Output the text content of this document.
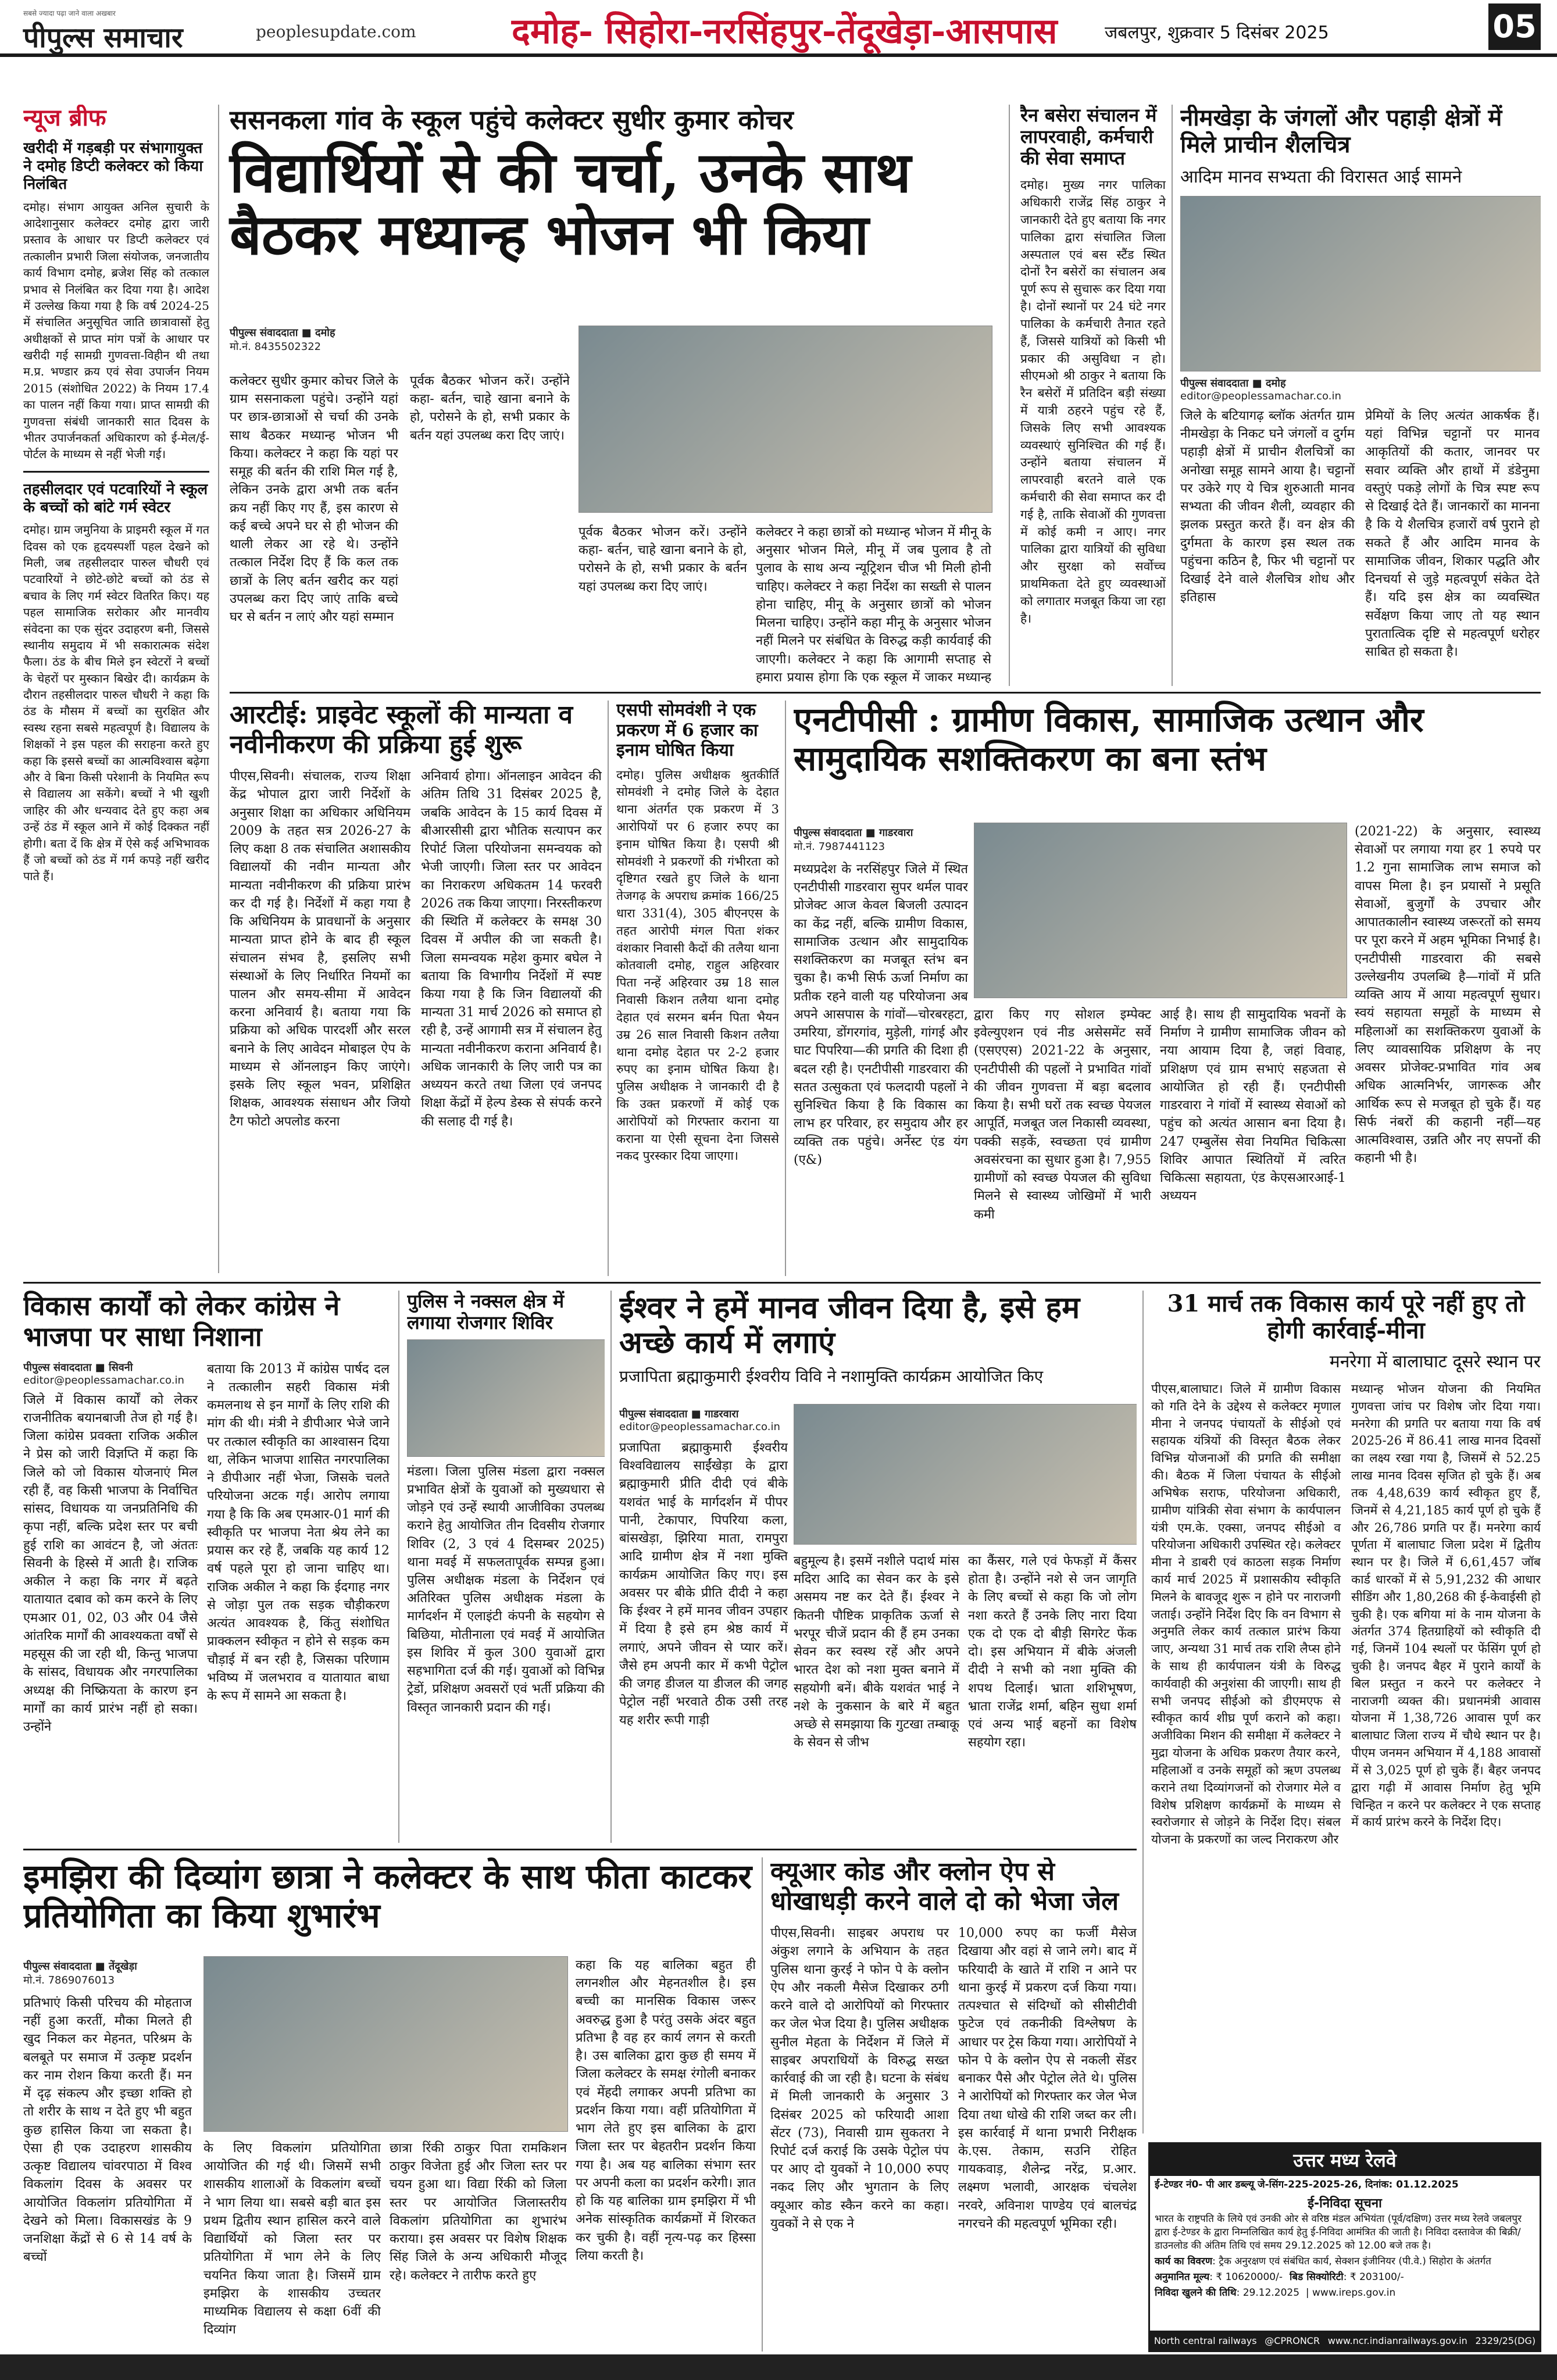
सबसे ज्यादा पढ़ा जाने वाला अखबार
पीपुल्स समाचार	peoplesupdate.com	दमोह- सिहोरा-नरसिंहपुर-तेंदूखेड़ा-आसपास	जबलपुर, शुक्रवार 5 दिसंबर 2025	05
न्यूज ब्रीफ
खरीदी में गड़बड़ी पर संभागायुक्त ने दमोह डिप्टी कलेक्टर को किया निलंबित
दमोह। संभाग आयुक्त अनिल सुचारी के आदेशानुसार कलेक्टर दमोह द्वारा जारी प्रस्ताव के आधार पर डिप्टी कलेक्टर एवं तत्कालीन प्रभारी जिला संयोजक, जनजातीय कार्य विभाग दमोह, ब्रजेश सिंह को तत्काल प्रभाव से निलंबित कर दिया गया है। आदेश में उल्लेख किया गया है कि वर्ष 2024-25 में संचालित अनुसूचित जाति छात्रावासों हेतु अधीक्षकों से प्राप्त मांग पत्रों के आधार पर खरीदी गई सामग्री गुणवत्ता-विहीन थी तथा म.प्र. भण्डार क्रय एवं सेवा उपार्जन नियम 2015 (संशोधित 2022) के नियम 17.4 का पालन नहीं किया गया। प्राप्त सामग्री की गुणवत्ता संबंधी जानकारी सात दिवस के भीतर उपार्जनकर्ता अधिकारण को ई-मेल/ई-पोर्टल के माध्यम से नहीं भेजी गई।
तहसीलदार एवं पटवारियों ने स्कूल के बच्चों को बांटे गर्म स्वेटर
दमोह। ग्राम जमुनिया के प्राइमरी स्कूल में गत दिवस को एक हृदयस्पर्शी पहल देखने को मिली, जब तहसीलदार पारुल चौधरी एवं पटवारियों ने छोटे-छोटे बच्चों को ठंड से बचाव के लिए गर्म स्वेटर वितरित किए। यह पहल सामाजिक सरोकार और मानवीय संवेदना का एक सुंदर उदाहरण बनी, जिससे स्थानीय समुदाय में भी सकारात्मक संदेश फैला। ठंड के बीच मिले इन स्वेटरों ने बच्चों के चेहरों पर मुस्कान बिखेर दी। कार्यक्रम के दौरान तहसीलदार पारुल चौधरी ने कहा कि ठंड के मौसम में बच्चों का सुरक्षित और स्वस्थ रहना सबसे महत्वपूर्ण है। विद्यालय के शिक्षकों ने इस पहल की सराहना करते हुए कहा कि इससे बच्चों का आत्मविश्वास बढ़ेगा और वे बिना किसी परेशानी के नियमित रूप से विद्यालय आ सकेंगे। बच्चों ने भी खुशी जाहिर की और धन्यवाद देते हुए कहा अब उन्हें ठंड में स्कूल आने में कोई दिक्कत नहीं होगी। बता दें कि क्षेत्र में ऐसे कई अभिभावक हैं जो बच्चों को ठंड में गर्म कपड़े नहीं खरीद पाते हैं।
ससनकला गांव के स्कूल पहुंचे कलेक्टर सुधीर कुमार कोचर
विद्यार्थियों से की चर्चा, उनके साथ बैठकर मध्यान्ह भोजन भी किया
पीपुल्स संवाददाता ■ दमोह
मो.नं. 8435502322
कलेक्टर सुधीर कुमार कोचर जिले के ग्राम ससनाकला पहुंचे। उन्होंने यहां पर छात्र-छात्राओं से चर्चा की उनके साथ बैठकर मध्यान्ह भोजन भी किया। कलेक्टर ने कहा कि यहां पर समूह की बर्तन की राशि मिल गई है, लेकिन उनके द्वारा अभी तक बर्तन क्रय नहीं किए गए हैं, इस कारण से कई बच्चे अपने घर से ही भोजन की थाली लेकर आ रहे थे। उन्होंने तत्काल निर्देश दिए हैं कि कल तक छात्रों के लिए बर्तन खरीद कर यहां उपलब्ध करा दिए जाएं ताकि बच्चे घर से बर्तन न लाएं और यहां सम्मान
पूर्वक बैठकर भोजन करें। उन्होंने कहा- बर्तन, चाहे खाना बनाने के हो, परोसने के हो, सभी प्रकार के बर्तन यहां उपलब्ध करा दिए जाएं।
पूर्वक बैठकर भोजन करें। उन्होंने कहा- बर्तन, चाहे खाना बनाने के हो, परोसने के हो, सभी प्रकार के बर्तन यहां उपलब्ध करा दिए जाएं।
कलेक्टर ने कहा छात्रों को मध्यान्ह भोजन में मीनू के अनुसार भोजन मिले, मीनू में जब पुलाव है तो पुलाव के साथ अन्य न्यूट्रिशन चीज भी मिली होनी चाहिए। कलेक्टर ने कहा निर्देश का सख्ती से पालन होना चाहिए, मीनू के अनुसार छात्रों को भोजन मिलना चाहिए। उन्होंने कहा मीनू के अनुसार भोजन नहीं मिलने पर संबंधित के विरुद्ध कड़ी कार्यवाई की जाएगी। कलेक्टर ने कहा कि आगामी सप्ताह से हमारा प्रयास होगा कि एक स्कूल में जाकर मध्यान्ह
रैन बसेरा संचालन में लापरवाही, कर्मचारी की सेवा समाप्त
दमोह। मुख्य नगर पालिका अधिकारी राजेंद्र सिंह ठाकुर ने जानकारी देते हुए बताया कि नगर पालिका द्वारा संचालित जिला अस्पताल एवं बस स्टैंड स्थित दोनों रैन बसेरों का संचालन अब पूर्ण रूप से सुचारू कर दिया गया है। दोनों स्थानों पर 24 घंटे नगर पालिका के कर्मचारी तैनात रहते हैं, जिससे यात्रियों को किसी भी प्रकार की असुविधा न हो। सीएमओ श्री ठाकुर ने बताया कि रैन बसेरों में प्रतिदिन बड़ी संख्या में यात्री ठहरने पहुंच रहे हैं, जिसके लिए सभी आवश्यक व्यवस्थाएं सुनिश्चित की गई हैं। उन्होंने बताया संचालन में लापरवाही बरतने वाले एक कर्मचारी की सेवा समाप्त कर दी गई है, ताकि सेवाओं की गुणवत्ता में कोई कमी न आए। नगर पालिका द्वारा यात्रियों की सुविधा और सुरक्षा को सर्वोच्च प्राथमिकता देते हुए व्यवस्थाओं को लगातार मजबूत किया जा रहा है।
नीमखेड़ा के जंगलों और पहाड़ी क्षेत्रों में मिले प्राचीन शैलचित्र
आदिम मानव सभ्यता की विरासत आई सामने
पीपुल्स संवाददाता ■ दमोह
editor@peoplessamachar.co.in
जिले के बटियागढ़ ब्लॉक अंतर्गत ग्राम नीमखेड़ा के निकट घने जंगलों व दुर्गम पहाड़ी क्षेत्रों में प्राचीन शैलचित्रों का अनोखा समूह सामने आया है। चट्टानों पर उकेरे गए ये चित्र शुरुआती मानव सभ्यता की जीवन शैली, व्यवहार की झलक प्रस्तुत करते हैं। वन क्षेत्र की दुर्गमता के कारण इस स्थल तक पहुंचना कठिन है, फिर भी चट्टानों पर दिखाई देने वाले शैलचित्र शोध और इतिहास
प्रेमियों के लिए अत्यंत आकर्षक हैं। यहां विभिन्न चट्टानों पर मानव आकृतियों की कतार, जानवर पर सवार व्यक्ति और हाथों में डंडेनुमा वस्तुएं पकड़े लोगों के चित्र स्पष्ट रूप से दिखाई देते हैं। जानकारों का मानना है कि ये शैलचित्र हजारों वर्ष पुराने हो सकते हैं और आदिम मानव के सामाजिक जीवन, शिकार पद्धति और दिनचर्या से जुड़े महत्वपूर्ण संकेत देते हैं। यदि इस क्षेत्र का व्यवस्थित सर्वेक्षण किया जाए तो यह स्थान पुरातात्विक दृष्टि से महत्वपूर्ण धरोहर साबित हो सकता है।
आरटीई: प्राइवेट स्कूलों की मान्यता व नवीनीकरण की प्रक्रिया हुई शुरू
पीएस,सिवनी। संचालक, राज्य शिक्षा केंद्र भोपाल द्वारा जारी निर्देशों के अनुसार शिक्षा का अधिकार अधिनियम 2009 के तहत सत्र 2026-27 के लिए कक्षा 8 तक संचालित अशासकीय विद्यालयों की नवीन मान्यता और मान्यता नवीनीकरण की प्रक्रिया प्रारंभ कर दी गई है। निर्देशों में कहा गया है कि अधिनियम के प्रावधानों के अनुसार मान्यता प्राप्त होने के बाद ही स्कूल संचालन संभव है, इसलिए सभी संस्थाओं के लिए निर्धारित नियमों का पालन और समय-सीमा में आवेदन करना अनिवार्य है। बताया गया कि प्रक्रिया को अधिक पारदर्शी और सरल बनाने के लिए आवेदन मोबाइल ऐप के माध्यम से ऑनलाइन किए जाएंगे। इसके लिए स्कूल भवन, प्रशिक्षित शिक्षक, आवश्यक संसाधन और जियो टैग फोटो अपलोड करना
अनिवार्य होगा। ऑनलाइन आवेदन की अंतिम तिथि 31 दिसंबर 2025 है, जबकि आवेदन के 15 कार्य दिवस में बीआरसीसी द्वारा भौतिक सत्यापन कर रिपोर्ट जिला परियोजना समन्वयक को भेजी जाएगी। जिला स्तर पर आवेदन का निराकरण अधिकतम 14 फरवरी 2026 तक किया जाएगा। निरस्तीकरण की स्थिति में कलेक्टर के समक्ष 30 दिवस में अपील की जा सकती है। जिला समन्वयक महेश कुमार बघेल ने बताया कि विभागीय निर्देशों में स्पष्ट किया गया है कि जिन विद्यालयों की मान्यता 31 मार्च 2026 को समाप्त हो रही है, उन्हें आगामी सत्र में संचालन हेतु मान्यता नवीनीकरण कराना अनिवार्य है। अधिक जानकारी के लिए जारी पत्र का अध्ययन करते तथा जिला एवं जनपद शिक्षा केंद्रों में हेल्प डेस्क से संपर्क करने की सलाह दी गई है।
एसपी सोमवंशी ने एक प्रकरण में 6 हजार का इनाम घोषित किया
दमोह। पुलिस अधीक्षक श्रुतकीर्ति सोमवंशी ने दमोह जिले के देहात थाना अंतर्गत एक प्रकरण में 3 आरोपियों पर 6 हजार रुपए का इनाम घोषित किया है। एसपी श्री सोमवंशी ने प्रकरणों की गंभीरता को दृष्टिगत रखते हुए जिले के थाना तेजगढ़ के अपराध क्रमांक 166/25 धारा 331(4), 305 बीएनएस के तहत आरोपी मंगल पिता शंकर वंशकार निवासी कैदों की तलैया थाना कोतवाली दमोह, राहुल अहिरवार पिता नन्हें अहिरवार उम्र 18 साल निवासी किशन तलैया थाना दमोह देहात एवं सरमन बर्मन पिता भैयन उम्र 26 साल निवासी किशन तलैया थाना दमोह देहात पर 2-2 हजार रुपए का इनाम घोषित किया है। पुलिस अधीक्षक ने जानकारी दी है कि उक्त प्रकरणों में कोई एक आरोपियों को गिरफ्तार कराना या कराना या ऐसी सूचना देना जिससे नकद पुरस्कार दिया जाएगा।
एनटीपीसी : ग्रामीण विकास, सामाजिक उत्थान और सामुदायिक सशक्तिकरण का बना स्तंभ
पीपुल्स संवाददाता ■ गाडरवारा
मो.नं. 7987441123
मध्यप्रदेश के नरसिंहपुर जिले में स्थित एनटीपीसी गाडरवारा सुपर थर्मल पावर प्रोजेक्ट आज केवल बिजली उत्पादन का केंद्र नहीं, बल्कि ग्रामीण विकास, सामाजिक उत्थान और सामुदायिक सशक्तिकरण का मजबूत स्तंभ बन चुका है। कभी सिर्फ ऊर्जा निर्माण का प्रतीक रहने वाली यह परियोजना अब अपने आसपास के गांवों—चोरबरहटा, उमरिया, डोंगरगांव, मुड़ेली, गांगई और घाट पिपरिया—की प्रगति की दिशा ही बदल रही है। एनटीपीसी गाडरवारा की सतत उत्सुकता एवं फलदायी पहलों ने सुनिश्चित किया है कि विकास का लाभ हर परिवार, हर समुदाय और हर व्यक्ति तक पहुंचे। अर्नेस्ट एंड यंग (ए&)
द्वारा किए गए सोशल इम्पेक्ट इवेल्युएशन एवं नीड असेसमेंट सर्वे (एसएएस) 2021-22 के अनुसार, एनटीपीसी की पहलों ने प्रभावित गांवों की जीवन गुणवत्ता में बड़ा बदलाव किया है। सभी घरों तक स्वच्छ पेयजल आपूर्ति, मजबूत जल निकासी व्यवस्था, पक्की सड़कें, स्वच्छता एवं ग्रामीण अवसंरचना का सुधार हुआ है। 7,955 ग्रामीणों को स्वच्छ पेयजल की सुविधा मिलने से स्वास्थ्य जोखिमों में भारी कमी
आई है। साथ ही सामुदायिक भवनों के निर्माण ने ग्रामीण सामाजिक जीवन को नया आयाम दिया है, जहां विवाह, प्रशिक्षण एवं ग्राम सभाएं सहजता से आयोजित हो रही हैं। एनटीपीसी गाडरवारा ने गांवों में स्वास्थ्य सेवाओं को पहुंच को अत्यंत आसान बना दिया है। 247 एम्बुलेंस सेवा नियमित चिकित्सा शिविर आपात स्थितियों में त्वरित चिकित्सा सहायता, एंड केएसआरआई-1 अध्ययन
(2021-22) के अनुसार, स्वास्थ्य सेवाओं पर लगाया गया हर 1 रुपये पर 1.2 गुना सामाजिक लाभ समाज को वापस मिला है। इन प्रयासों ने प्रसूति सेवाओं, बुजुर्गों के उपचार और आपातकालीन स्वास्थ्य जरूरतों को समय पर पूरा करने में अहम भूमिका निभाई है। एनटीपीसी गाडरवारा की सबसे उल्लेखनीय उपलब्धि है—गांवों में प्रति व्यक्ति आय में आया महत्वपूर्ण सुधार। स्वयं सहायता समूहों के माध्यम से महिलाओं का सशक्तिकरण युवाओं के लिए व्यावसायिक प्रशिक्षण के नए अवसर प्रोजेक्ट-प्रभावित गांव अब अधिक आत्मनिर्भर, जागरूक और आर्थिक रूप से मजबूत हो चुके हैं। यह सिर्फ नंबरों की कहानी नहीं—यह आत्मविश्वास, उन्नति और नए सपनों की कहानी भी है।
विकास कार्यों को लेकर कांग्रेस ने भाजपा पर साधा निशाना
पीपुल्स संवाददाता ■ सिवनी
editor@peoplessamachar.co.in
जिले में विकास कार्यों को लेकर राजनीतिक बयानबाजी तेज हो गई है। जिला कांग्रेस प्रवक्ता राजिक अकील ने प्रेस को जारी विज्ञप्ति में कहा कि जिले को जो विकास योजनाएं मिल रही हैं, वह किसी भाजपा के निर्वाचित सांसद, विधायक या जनप्रतिनिधि की कृपा नहीं, बल्कि प्रदेश स्तर पर बची हुई राशि का आवंटन है, जो अंततः सिवनी के हिस्से में आती है। राजिक अकील ने कहा कि नगर में बढ़ते यातायात दबाव को कम करने के लिए एमआर 01, 02, 03 और 04 जैसे आंतरिक मार्गों की आवश्यकता वर्षों से महसूस की जा रही थी, किन्तु भाजपा के सांसद, विधायक और नगरपालिका अध्यक्ष की निष्क्रियता के कारण इन मार्गों का कार्य प्रारंभ नहीं हो सका। उन्होंने
बताया कि 2013 में कांग्रेस पार्षद दल ने तत्कालीन सहरी विकास मंत्री कमलनाथ से इन मार्गों के लिए राशि की मांग की थी। मंत्री ने डीपीआर भेजे जाने पर तत्काल स्वीकृति का आश्वासन दिया था, लेकिन भाजपा शासित नगरपालिका ने डीपीआर नहीं भेजा, जिसके चलते परियोजना अटक गई। आरोप लगाया गया है कि कि अब एमआर-01 मार्ग की स्वीकृति पर भाजपा नेता श्रेय लेने का प्रयास कर रहे हैं, जबकि यह कार्य 12 वर्ष पहले पूरा हो जाना चाहिए था। राजिक अकील ने कहा कि ईदगाह नगर से जोड़ा पुल तक सड़क चौड़ीकरण अत्यंत आवश्यक है, किंतु संशोधित प्राक्कलन स्वीकृत न होने से सड़क कम चौड़ाई में बन रही है, जिसका परिणाम भविष्य में जलभराव व यातायात बाधा के रूप में सामने आ सकता है।
पुलिस ने नक्सल क्षेत्र में लगाया रोजगार शिविर
मंडला। जिला पुलिस मंडला द्वारा नक्सल प्रभावित क्षेत्रों के युवाओं को मुख्यधारा से जोड़ने एवं उन्हें स्थायी आजीविका उपलब्ध कराने हेतु आयोजित तीन दिवसीय रोजगार शिविर (2, 3 एवं 4 दिसम्बर 2025) थाना मवई में सफलतापूर्वक सम्पन्न हुआ। पुलिस अधीक्षक मंडला के निर्देशन एवं अतिरिक्त पुलिस अधीक्षक मंडला के मार्गदर्शन में एलाइंटी कंपनी के सहयोग से बिछिया, मोतीनाला एवं मवई में आयोजित इस शिविर में कुल 300 युवाओं द्वारा सहभागिता दर्ज की गई। युवाओं को विभिन्न ट्रेडों, प्रशिक्षण अवसरों एवं भर्ती प्रक्रिया की विस्तृत जानकारी प्रदान की गई।
ईश्वर ने हमें मानव जीवन दिया है, इसे हम अच्छे कार्य में लगाएं
प्रजापिता ब्रह्माकुमारी ईश्वरीय विवि ने नशामुक्ति कार्यक्रम आयोजित किए
पीपुल्स संवाददाता ■ गाडरवारा
editor@peoplessamachar.co.in
प्रजापिता ब्रह्माकुमारी ईश्वरीय विश्वविद्यालय साईंखेड़ा के द्वारा ब्रह्माकुमारी प्रीति दीदी एवं बीके यशवंत भाई के मार्गदर्शन में पीपर पानी, टेकापार, पिपरिया कला, बांसखेड़ा, झिरिया माता, रामपुरा आदि ग्रामीण क्षेत्र में नशा मुक्ति कार्यक्रम आयोजित किए गए। इस अवसर पर बीके प्रीति दीदी ने कहा कि ईश्वर ने हमें मानव जीवन उपहार में दिया है इसे हम श्रेष्ठ कार्य में लगाएं, अपने जीवन से प्यार करें। जैसे हम अपनी कार में कभी पेट्रोल की जगह डीजल या डीजल की जगह पेट्रोल नहीं भरवाते ठीक उसी तरह यह शरीर रूपी गाड़ी
बहुमूल्य है। इसमें नशीले पदार्थ मांस मदिरा आदि का सेवन कर के इसे असमय नष्ट कर देते हैं। ईश्वर ने कितनी पौष्टिक प्राकृतिक ऊर्जा से भरपूर चीजें प्रदान की हैं हम उनका सेवन कर स्वस्थ रहें और अपने भारत देश को नशा मुक्त बनाने में सहयोगी बनें। बीके यशवंत भाई ने नशे के नुकसान के बारे में बहुत अच्छे से समझाया कि गुटखा तम्बाकू के सेवन से जीभ
का कैंसर, गले एवं फेफड़ों में कैंसर होता है। उन्होंने नशे से जन जागृति के लिए बच्चों से कहा कि जो लोग नशा करते हैं उनके लिए नारा दिया एक दो एक दो बीड़ी सिगरेट फेंक दो। इस अभियान में बीके अंजली दीदी ने सभी को नशा मुक्ति की शपथ दिलाई। भ्राता शशिभूषण, भ्राता राजेंद्र शर्मा, बहिन सुधा शर्मा एवं अन्य भाई बहनों का विशेष सहयोग रहा।
31 मार्च तक विकास कार्य पूरे नहीं हुए तो होगी कार्रवाई-मीना
मनरेगा में बालाघाट दूसरे स्थान पर
पीएस,बालाघाट। जिले में ग्रामीण विकास को गति देने के उद्देश्य से कलेक्टर मृणाल मीना ने जनपद पंचायतों के सीईओ एवं सहायक यंत्रियों की विस्तृत बैठक लेकर विभिन्न योजनाओं की प्रगति की समीक्षा की। बैठक में जिला पंचायत के सीईओ अभिषेक सराफ, परियोजना अधिकारी, ग्रामीण यांत्रिकी सेवा संभाग के कार्यपालन यंत्री एम.के. एक्सा, जनपद सीईओ व परियोजना अधिकारी उपस्थित रहे। कलेक्टर मीना ने डाबरी एवं काठला सड़क निर्माण कार्य मार्च 2025 में प्रशासकीय स्वीकृति मिलने के बावजूद शुरू न होने पर नाराजगी जताई। उन्होंने निर्देश दिए कि वन विभाग से अनुमति लेकर कार्य तत्काल प्रारंभ किया जाए, अन्यथा 31 मार्च तक राशि लैप्स होने के साथ ही कार्यपालन यंत्री के विरुद्ध कार्यवाही की अनुशंसा की जाएगी। साथ ही सभी जनपद सीईओ को डीएमएफ से स्वीकृत कार्य शीघ्र पूर्ण कराने को कहा। अजीविका मिशन की समीक्षा में कलेक्टर ने मुद्रा योजना के अधिक प्रकरण तैयार करने, महिलाओं व उनके समूहों को ऋण उपलब्ध कराने तथा दिव्यांगजनों को रोजगार मेले व विशेष प्रशिक्षण कार्यक्रमों के माध्यम से स्वरोजगार से जोड़ने के निर्देश दिए। संबल योजना के प्रकरणों का जल्द निराकरण और
मध्यान्ह भोजन योजना की नियमित गुणवत्ता जांच पर विशेष जोर दिया गया। मनरेगा की प्रगति पर बताया गया कि वर्ष 2025-26 में 86.41 लाख मानव दिवसों का लक्ष्य रखा गया है, जिसमें से 52.25 लाख मानव दिवस सृजित हो चुके हैं। अब तक 4,48,639 कार्य स्वीकृत हुए हैं, जिनमें से 4,21,185 कार्य पूर्ण हो चुके हैं और 26,786 प्रगति पर हैं। मनरेगा कार्य पूर्णता में बालाघाट जिला प्रदेश में द्वितीय स्थान पर है। जिले में 6,61,457 जॉब कार्ड धारकों में से 5,91,232 की आधार सीडिंग और 1,80,268 की ई-केवाईसी हो चुकी है। एक बगिया मां के नाम योजना के अंतर्गत 374 हितग्राहियों को स्वीकृति दी गई, जिनमें 104 स्थलों पर फेंसिंग पूर्ण हो चुकी है। जनपद बैहर में पुराने कार्यों के बिल प्रस्तुत न करने पर कलेक्टर ने नाराजगी व्यक्त की। प्रधानमंत्री आवास योजना में 1,38,726 आवास पूर्ण कर बालाघाट जिला राज्य में चौथे स्थान पर है। पीएम जनमन अभियान में 4,188 आवासों में से 3,025 पूर्ण हो चुके हैं। बैहर जनपद द्वारा गढ़ी में आवास निर्माण हेतु भूमि चिन्हित न करने पर कलेक्टर ने एक सप्ताह में कार्य प्रारंभ करने के निर्देश दिए।
इमझिरा की दिव्यांग छात्रा ने कलेक्टर के साथ फीता काटकर प्रतियोगिता का किया शुभारंभ
पीपुल्स संवाददाता ■ तेंदूखेड़ा
मो.नं. 7869076013
प्रतिभाएं किसी परिचय की मोहताज नहीं हुआ करतीं, मौका मिलते ही खुद निकल कर मेहनत, परिश्रम के बलबूते पर समाज में उत्कृष्ट प्रदर्शन कर नाम रोशन किया करती हैं। मन में दृढ़ संकल्प और इच्छा शक्ति हो तो शरीर के साथ न देते हुए भी बहुत कुछ हासिल किया जा सकता है। ऐसा ही एक उदाहरण शासकीय उत्कृष्ट विद्यालय चांवरपाठा में विश्व विकलांग दिवस के अवसर पर आयोजित विकलांग प्रतियोगिता में देखने को मिला। विकासखंड के 9 जनशिक्षा केंद्रों से 6 से 14 वर्ष के बच्चों
के लिए विकलांग प्रतियोगिता आयोजित की गई थी। जिसमें सभी शासकीय शालाओं के विकलांग बच्चों ने भाग लिया था। सबसे बड़ी बात इस प्रथम द्वितीय स्थान हासिल करने वाले विद्यार्थियों को जिला स्तर पर प्रतियोगिता में भाग लेने के लिए चयनित किया जाता है। जिसमें ग्राम इमझिरा के शासकीय उच्चतर माध्यमिक विद्यालय से कक्षा 6वीं की दिव्यांग
छात्रा रिंकी ठाकुर पिता रामकिशन ठाकुर विजेता हुई और जिला स्तर पर चयन हुआ था। विद्या रिंकी को जिला स्तर पर आयोजित जिलास्तरीय विकलांग प्रतियोगिता का शुभारंभ कराया। इस अवसर पर विशेष शिक्षक सिंह जिले के अन्य अधिकारी मौजूद रहे। कलेक्टर ने तारीफ करते हुए
कहा कि यह बालिका बहुत ही लगनशील और मेहनतशील है। इस बच्ची का मानसिक विकास जरूर अवरुद्ध हुआ है परंतु उसके अंदर बहुत प्रतिभा है वह हर कार्य लगन से करती है। उस बालिका द्वारा कुछ ही समय में जिला कलेक्टर के समक्ष रंगोली बनाकर एवं मेंहदी लगाकर अपनी प्रतिभा का प्रदर्शन किया गया। वहीं प्रतियोगिता में भाग लेते हुए इस बालिका के द्वारा जिला स्तर पर बेहतरीन प्रदर्शन किया गया है। अब यह बालिका संभाग स्तर पर अपनी कला का प्रदर्शन करेगी। ज्ञात हो कि यह बालिका ग्राम इमझिरा में भी अनेक सांस्कृतिक कार्यक्रमों में शिरकत कर चुकी है। वहीं नृत्य-पढ़ कर हिस्सा लिया करती है।
क्यूआर कोड और क्लोन ऐप से धोखाधड़ी करने वाले दो को भेजा जेल
पीएस,सिवनी। साइबर अपराध पर अंकुश लगाने के अभियान के तहत पुलिस थाना कुरई ने फोन पे के क्लोन ऐप और नकली मैसेज दिखाकर ठगी करने वाले दो आरोपियों को गिरफ्तार कर जेल भेज दिया है। पुलिस अधीक्षक सुनील मेहता के निर्देशन में जिले में साइबर अपराधियों के विरुद्ध सख्त कार्रवाई की जा रही है। घटना के संबंध में मिली जानकारी के अनुसार 3 दिसंबर 2025 को फरियादी आशा सेंटर (73), निवासी ग्राम सुकतरा ने रिपोर्ट दर्ज कराई कि उसके पेट्रोल पंप पर आए दो युवकों ने 10,000 रुपए नकद लिए और भुगतान के लिए क्यूआर कोड स्कैन करने का कहा। युवकों ने से एक ने
10,000 रुपए का फर्जी मैसेज दिखाया और वहां से जाने लगे। बाद में फरियादी के खाते में राशि न आने पर थाना कुरई में प्रकरण दर्ज किया गया। तत्पश्चात से संदिग्धों को सीसीटीवी फुटेज एवं तकनीकी विश्लेषण के आधार पर ट्रेस किया गया। आरोपियों ने फोन पे के क्लोन ऐप से नकली सेंडर बनाकर पैसे और पेट्रोल लेते थे। पुलिस ने आरोपियों को गिरफ्तार कर जेल भेज दिया तथा धोखे की राशि जब्त कर ली। इस कार्रवाई में थाना प्रभारी निरीक्षक के.एस. तेकाम, सउनि रोहित गायकवाड़, शैलेन्द्र नरेंद्र, प्र.आर. लक्ष्मण भलावी, आरक्षक चंचलेश नरवरे, अविनाश पाण्डेय एवं बालचंद्र नगरचने की महत्वपूर्ण भूमिका रही।
उत्तर मध्य रेलवे
ई-टेण्डर नं0- पी आर डब्ल्यू जे-सिंग-225-2025-26, दिनांक: 01.12.2025
ई-निविदा सूचना
भारत के राष्ट्रपति के लिये एवं उनकी ओर से वरिष्ठ मंडल अभियंता (पूर्व/दक्षिण) उत्तर मध्य रेलवे जबलपुर द्वारा ई-टेण्डर के द्वारा निम्नलिखित कार्य हेतु ई-निविदा आमंत्रित की जाती है। निविदा दस्तावेज की बिक्री/डाउनलोड की अंतिम तिथि एवं समय 29.12.2025 को 12.00 बजे तक है।
कार्य का विवरण: ट्रैक अनुरक्षण एवं संबंधित कार्य, सेक्शन इंजीनियर (पी.वे.) सिहोरा के अंतर्गत
अनुमानित मूल्य: ₹ 10620000/- बिड सिक्योरिटी: ₹ 203100/-
निविदा खुलने की तिथि: 29.12.2025  | www.ireps.gov.in
North central railways @CPRONCR www.ncr.indianrailways.gov.in 2329/25(DG)
